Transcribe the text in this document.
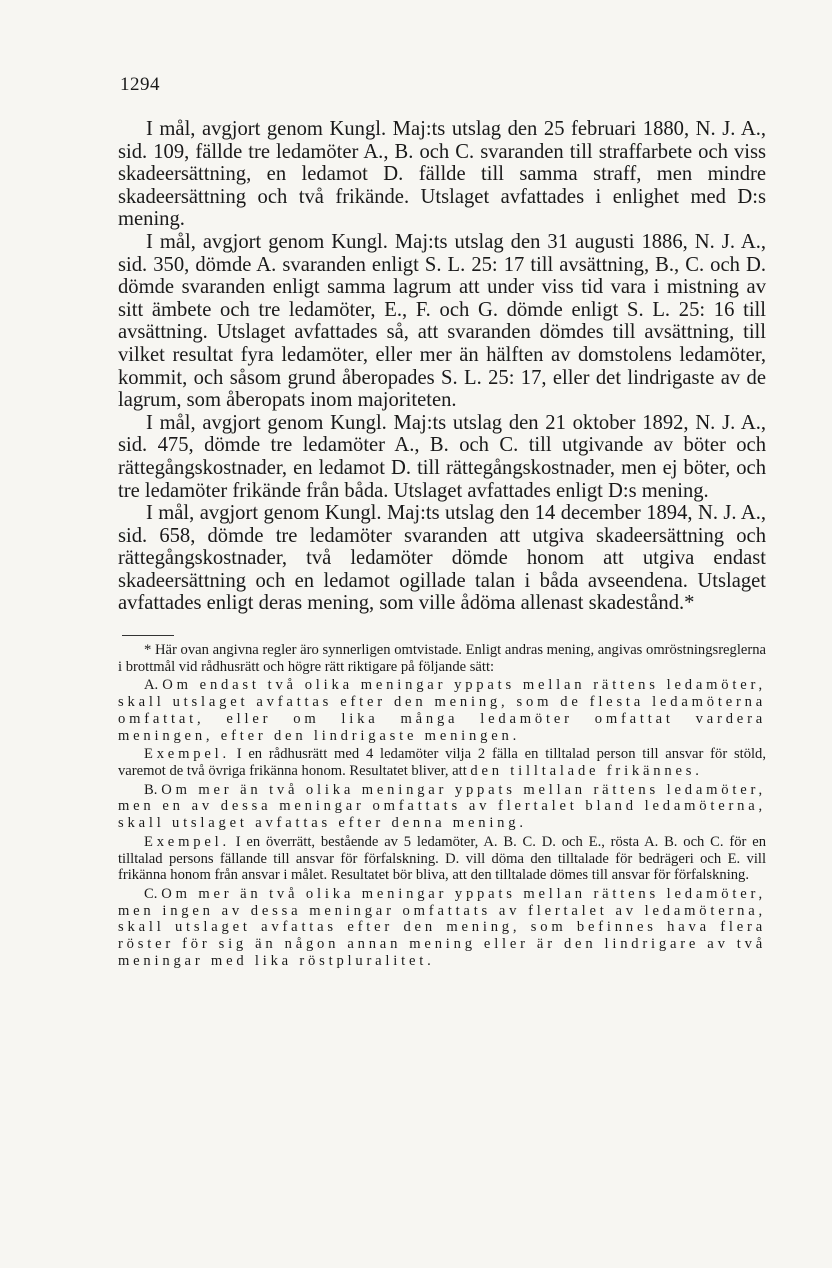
1294

I mål, avgjort genom Kungl. Maj:ts utslag den 25 februari 1880, N. J. A., sid. 109, fällde tre ledamöter A., B. och C. svaranden till straffarbete och viss skadeersättning, en ledamot D. fällde till samma straff, men mindre skadeersättning och två frikände. Utslaget avfattades i enlighet med D:s mening.

I mål, avgjort genom Kungl. Maj:ts utslag den 31 augusti 1886, N. J. A., sid. 350, dömde A. svaranden enligt S. L. 25: 17 till avsättning, B., C. och D. dömde svaranden enligt samma lagrum att under viss tid vara i mistning av sitt ämbete och tre ledamöter, E., F. och G. dömde enligt S. L. 25: 16 till avsättning. Utslaget avfattades så, att svaranden dömdes till avsättning, till vilket resultat fyra ledamöter, eller mer än hälften av domstolens ledamöter, kommit, och såsom grund åberopades S. L. 25: 17, eller det lindrigaste av de lagrum, som åberopats inom majoriteten.

I mål, avgjort genom Kungl. Maj:ts utslag den 21 oktober 1892, N. J. A., sid. 475, dömde tre ledamöter A., B. och C. till utgivande av böter och rättegångskostnader, en ledamot D. till rättegångskostnader, men ej böter, och tre ledamöter frikände från båda. Utslaget avfattades enligt D:s mening.

I mål, avgjort genom Kungl. Maj:ts utslag den 14 december 1894, N. J. A., sid. 658, dömde tre ledamöter svaranden att utgiva skadeersättning och rättegångskostnader, två ledamöter dömde honom att utgiva endast skadeersättning och en ledamot ogillade talan i båda avseendena. Utslaget avfattades enligt deras mening, som ville ådöma allenast skadestånd.*

* Här ovan angivna regler äro synnerligen omtvistade. Enligt andras mening, angivas omröstningsreglerna i brottmål vid rådhusrätt och högre rätt riktigare på följande sätt:

A. Om endast två olika meningar yppats mellan rättens ledamöter, skall utslaget avfattas efter den mening, som de flesta ledamöterna omfattat, eller om lika många ledamöter omfattat vardera meningen, efter den lindrigaste meningen.

Exempel. I en rådhusrätt med 4 ledamöter vilja 2 fälla en tilltalad person till ansvar för stöld, varemot de två övriga frikänna honom. Resultatet bliver, att den tilltalade frikännes.

B. Om mer än två olika meningar yppats mellan rättens ledamöter, men en av dessa meningar omfattats av flertalet bland ledamöterna, skall utslaget avfattas efter denna mening.

Exempel. I en överrätt, bestående av 5 ledamöter, A. B. C. D. och E., rösta A. B. och C. för en tilltalad persons fällande till ansvar för förfalskning. D. vill döma den tilltalade för bedrägeri och E. vill frikänna honom från ansvar i målet. Resultatet bör bliva, att den tilltalade dömes till ansvar för förfalskning.

C. Om mer än två olika meningar yppats mellan rättens ledamöter, men ingen av dessa meningar omfattats av flertalet av ledamöterna, skall utslaget avfattas efter den mening, som befinnes hava flera röster för sig än någon annan mening eller är den lindrigare av två meningar med lika röstpluralitet.
